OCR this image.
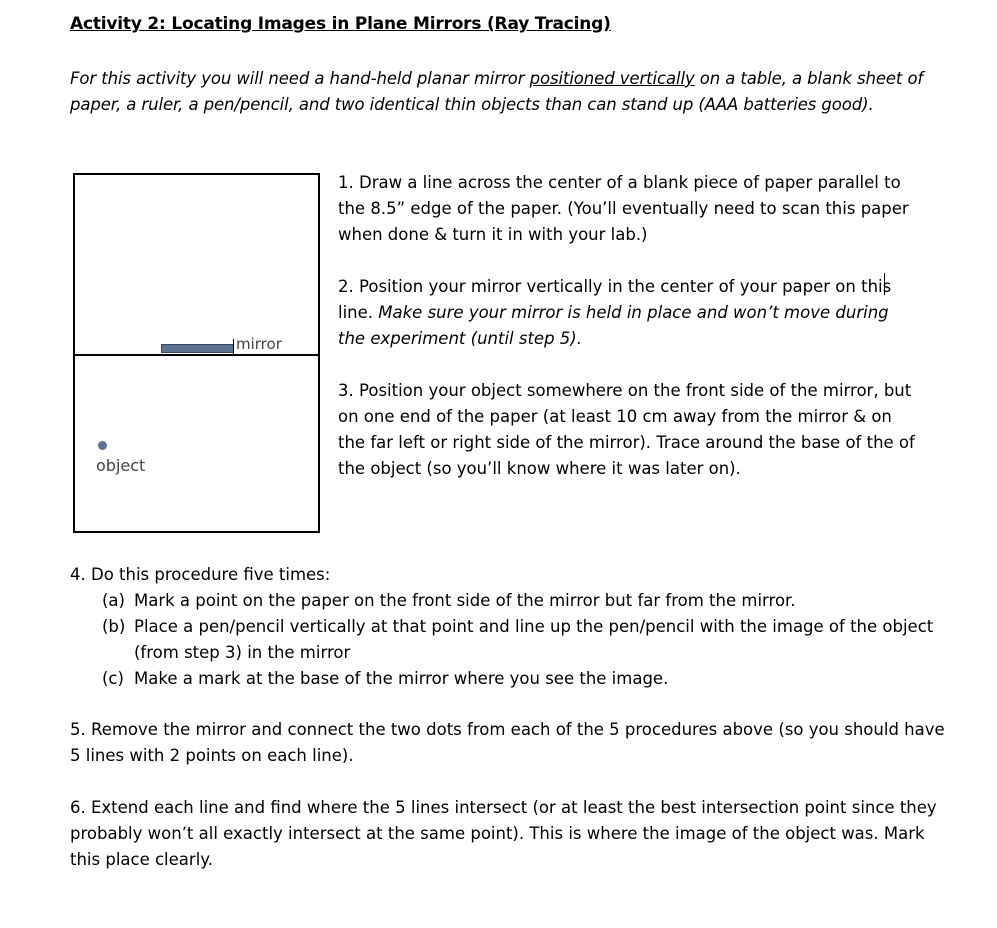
Activity 2: Locating Images in Plane Mirrors (Ray Tracing)
For this activity you will need a hand-held planar mirror positioned vertically on a table, a blank sheet of paper, a ruler, a pen/pencil, and two identical thin objects than can stand up (AAA batteries good).
mirror
object

1. Draw a line across the center of a blank piece of paper parallel to the 8.5” edge of the paper. (You’ll eventually need to scan this paper when done & turn it in with your lab.)

2. Position your mirror vertically in the center of your paper on this line. Make sure your mirror is held in place and won’t move during the experiment (until step 5).

3. Position your object somewhere on the front side of the mirror, but on one end of the paper (at least 10 cm away from the mirror & on the far left or right side of the mirror). Trace around the base of the of the object (so you’ll know where it was later on).

4. Do this procedure five times:
(a) Mark a point on the paper on the front side of the mirror but far from the mirror.
(b) Place a pen/pencil vertically at that point and line up the pen/pencil with the image of the object (from step 3) in the mirror
(c) Make a mark at the base of the mirror where you see the image.
5. Remove the mirror and connect the two dots from each of the 5 procedures above (so you should have 5 lines with 2 points on each line).
6. Extend each line and find where the 5 lines intersect (or at least the best intersection point since they probably won’t all exactly intersect at the same point). This is where the image of the object was. Mark this place clearly.
